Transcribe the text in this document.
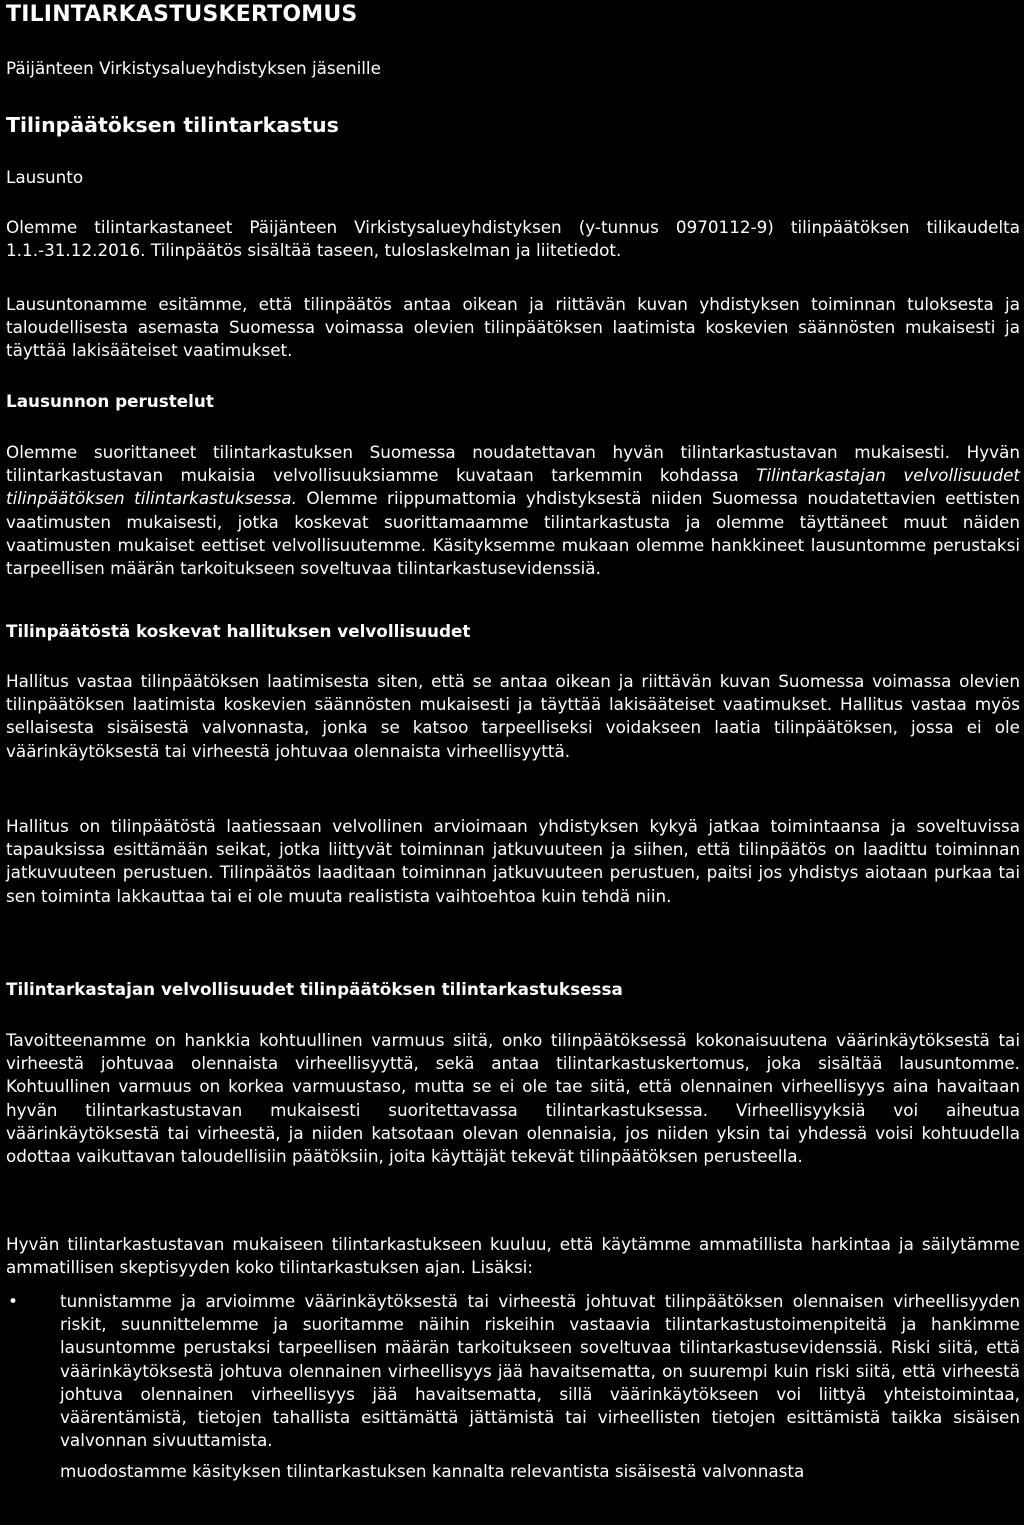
TILINTARKASTUSKERTOMUS

Päijänteen Virkistysalueyhdistyksen jäsenille

Tilinpäätöksen tilintarkastus
Lausunto

Olemme tilintarkastaneet Päijänteen Virkistysalueyhdistyksen (y-tunnus 0970112-9) tilinpäätöksen tilikaudelta 1.1.-31.12.2016. Tilinpäätös sisältää taseen, tuloslaskelman ja liitetiedot.

Lausuntonamme esitämme, että tilinpäätös antaa oikean ja riittävän kuvan yhdistyksen toiminnan tuloksesta ja taloudellisesta asemasta Suomessa voimassa olevien tilinpäätöksen laatimista koskevien säännösten mukaisesti ja täyttää lakisääteiset vaatimukset.

Lausunnon perustelut

Olemme suorittaneet tilintarkastuksen Suomessa noudatettavan hyvän tilintarkastustavan mukaisesti. Hyvän tilintarkastustavan mukaisia velvollisuuksiamme kuvataan tarkemmin kohdassa Tilintarkastajan velvollisuudet tilinpäätöksen tilintarkastuksessa. Olemme riippumattomia yhdistyksestä niiden Suomessa noudatettavien eettisten vaatimusten mukaisesti, jotka koskevat suorittamaamme tilintarkastusta ja olemme täyttäneet muut näiden vaatimusten mukaiset eettiset velvollisuutemme. Käsityksemme mukaan olemme hankkineet lausuntomme perustaksi tarpeellisen määrän tarkoitukseen soveltuvaa tilintarkastusevidenssiä.

Tilinpäätöstä koskevat hallituksen velvollisuudet

Hallitus vastaa tilinpäätöksen laatimisesta siten, että se antaa oikean ja riittävän kuvan Suomessa voimassa olevien tilinpäätöksen laatimista koskevien säännösten mukaisesti ja täyttää lakisääteiset vaatimukset. Hallitus vastaa myös sellaisesta sisäisestä valvonnasta, jonka se katsoo tarpeelliseksi voidakseen laatia tilinpäätöksen, jossa ei ole väärinkäytöksestä tai virheestä johtuvaa olennaista virheellisyyttä.

Hallitus on tilinpäätöstä laatiessaan velvollinen arvioimaan yhdistyksen kykyä jatkaa toimintaansa ja soveltuvissa tapauksissa esittämään seikat, jotka liittyvät toiminnan jatkuvuuteen ja siihen, että tilinpäätös on laadittu toiminnan jatkuvuuteen perustuen. Tilinpäätös laaditaan toiminnan jatkuvuuteen perustuen, paitsi jos yhdistys aiotaan purkaa tai sen toiminta lakkauttaa tai ei ole muuta realistista vaihtoehtoa kuin tehdä niin.

Tilintarkastajan velvollisuudet tilinpäätöksen tilintarkastuksessa

Tavoitteenamme on hankkia kohtuullinen varmuus siitä, onko tilinpäätöksessä kokonaisuutena väärinkäytöksestä tai virheestä johtuvaa olennaista virheellisyyttä, sekä antaa tilintarkastuskertomus, joka sisältää lausuntomme. Kohtuullinen varmuus on korkea varmuustaso, mutta se ei ole tae siitä, että olennainen virheellisyys aina havaitaan hyvän tilintarkastustavan mukaisesti suoritettavassa tilintarkastuksessa. Virheellisyyksiä voi aiheutua väärinkäytöksestä tai virheestä, ja niiden katsotaan olevan olennaisia, jos niiden yksin tai yhdessä voisi kohtuudella odottaa vaikuttavan taloudellisiin päätöksiin, joita käyttäjät tekevät tilinpäätöksen perusteella.

Hyvän tilintarkastustavan mukaiseen tilintarkastukseen kuuluu, että käytämme ammatillista harkintaa ja säilytämme ammatillisen skeptisyyden koko tilintarkastuksen ajan. Lisäksi:

•	tunnistamme ja arvioimme väärinkäytöksestä tai virheestä johtuvat tilinpäätöksen olennaisen virheellisyyden riskit, suunnittelemme ja suoritamme näihin riskeihin vastaavia tilintarkastustoimenpiteitä ja hankimme lausuntomme perustaksi tarpeellisen määrän tarkoitukseen soveltuvaa tilintarkastusevidenssiä. Riski siitä, että väärinkäytöksestä johtuva olennainen virheellisyys jää havaitsematta, on suurempi kuin riski siitä, että virheestä johtuva olennainen virheellisyys jää havaitsematta, sillä väärinkäytökseen voi liittyä yhteistoimintaa, väärentämistä, tietojen tahallista esittämättä jättämistä tai virheellisten tietojen esittämistä taikka sisäisen valvonnan sivuuttamista.
muodostamme käsityksen tilintarkastuksen kannalta relevantista sisäisestä valvonnasta
